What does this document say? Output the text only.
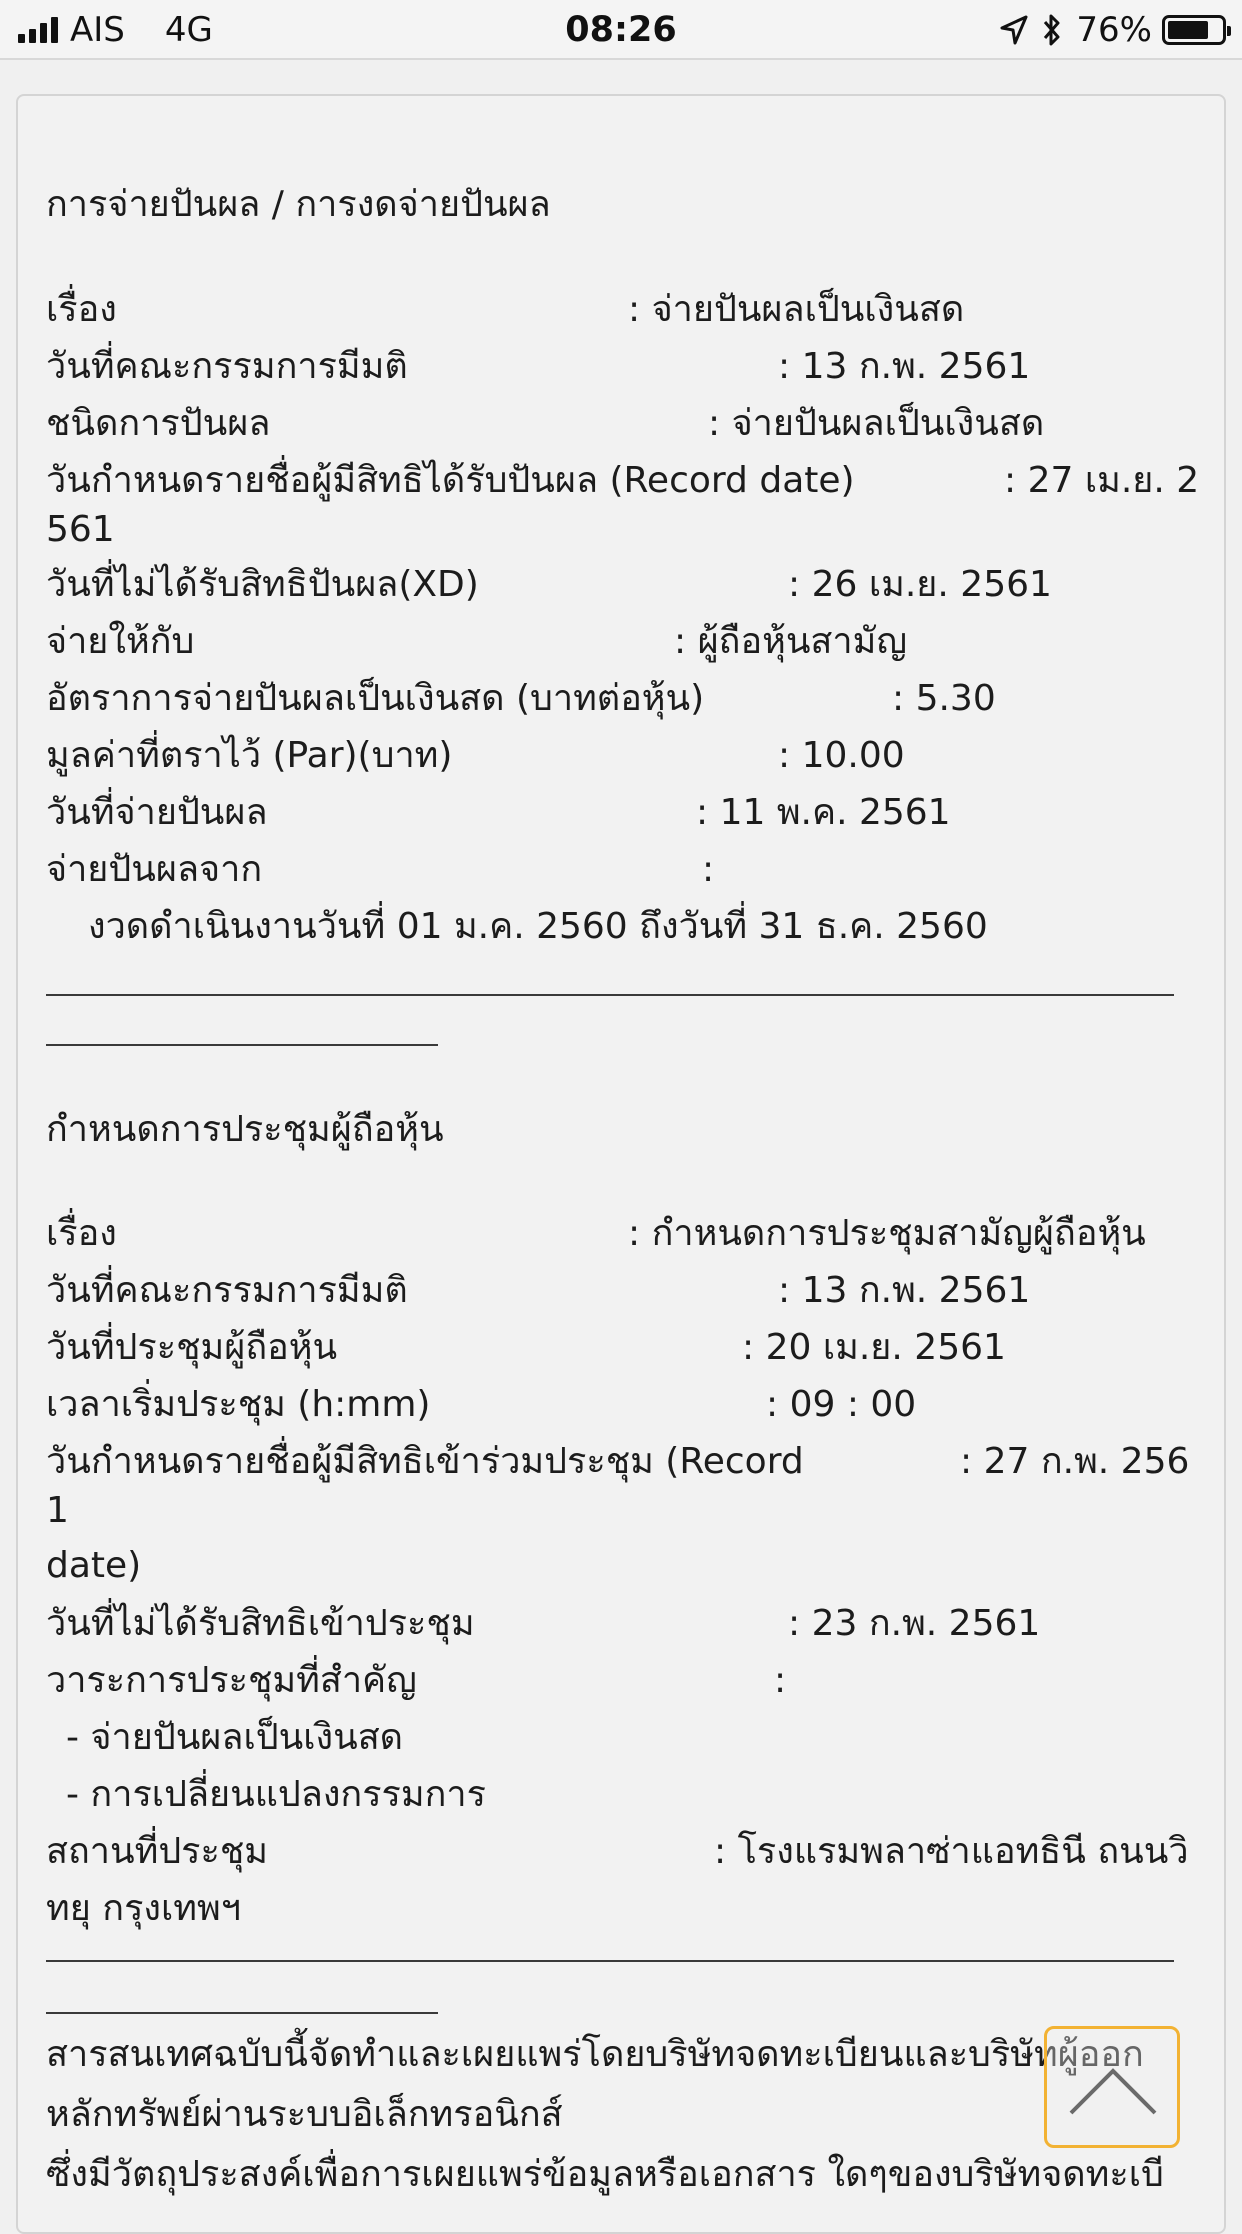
AIS 4G	08:26	76%
การจ่ายปันผล / การงดจ่ายปันผล
เรื่อง	: จ่ายปันผลเป็นเงินสด
วันที่คณะกรรมการมีมติ	: 13 ก.พ. 2561
ชนิดการปันผล	: จ่ายปันผลเป็นเงินสด
วันกำหนดรายชื่อผู้มีสิทธิได้รับปันผล (Record date)	: 27 เม.ย. 2
561
วันที่ไม่ได้รับสิทธิปันผล(XD)	: 26 เม.ย. 2561
จ่ายให้กับ	: ผู้ถือหุ้นสามัญ
อัตราการจ่ายปันผลเป็นเงินสด (บาทต่อหุ้น)	: 5.30
มูลค่าที่ตราไว้ (Par)(บาท)	: 10.00
วันที่จ่ายปันผล	: 11 พ.ค. 2561
จ่ายปันผลจาก	:
งวดดำเนินงานวันที่ 01 ม.ค. 2560 ถึงวันที่ 31 ธ.ค. 2560
กำหนดการประชุมผู้ถือหุ้น
เรื่อง	: กำหนดการประชุมสามัญผู้ถือหุ้น
วันที่คณะกรรมการมีมติ	: 13 ก.พ. 2561
วันที่ประชุมผู้ถือหุ้น	: 20 เม.ย. 2561
เวลาเริ่มประชุม (h:mm)	: 09 : 00
วันกำหนดรายชื่อผู้มีสิทธิเข้าร่วมประชุม (Record	: 27 ก.พ. 256
1
date)
วันที่ไม่ได้รับสิทธิเข้าประชุม	: 23 ก.พ. 2561
วาระการประชุมที่สำคัญ	:
- จ่ายปันผลเป็นเงินสด
- การเปลี่ยนแปลงกรรมการ
สถานที่ประชุม	: โรงแรมพลาซ่าแอทธินี ถนนวิ
ทยุ กรุงเทพฯ
สารสนเทศฉบับนี้จัดทำและเผยแพร่โดยบริษัทจดทะเบียนและบริษัทผู้ออก
หลักทรัพย์ผ่านระบบอิเล็กทรอนิกส์
ซึ่งมีวัตถุประสงค์เพื่อการเผยแพร่ข้อมูลหรือเอกสาร ใดๆของบริษัทจดทะเบี
